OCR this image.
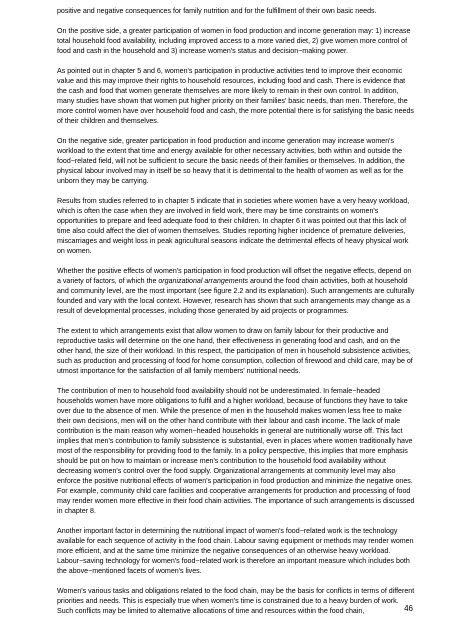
positive and negative consequences for family nutrition and for the fulfillment of their own basic needs.

On the positive side, a greater participation of women in food production and income generation may: 1) increase total household food availability, including improved access to a more varied diet, 2) give women more control of food and cash in the household and 3) increase women's status and decision−making power.

As pointed out in chapter 5 and 6, women's participation in productive activities tend to improve their economic value and this may improve their rights to household resources, including food and cash. There is evidence that the cash and food that women generate themselves are more likely to remain in their own control. In addition, many studies have shown that women put higher priority on their families' basic needs, than men. Therefore, the more control women have over household food and cash, the more potential there is for satisfying the basic needs of their children and themselves.

On the negative side, greater participation in food production and income generation may increase women's workload to the extent that time and energy available for other necessary activities, both within and outside the food−related field, will not be sufficient to secure the basic needs of their families or themselves. In addition, the physical labour involved may in itself be so heavy that it is detrimental to the health of women as well as for the unborn they may be carrying.

Results from studies referred to in chapter 5 indicate that in societies where women have a very heavy workload, which is often the case when they are involved in field work, there may be time constraints on women's opportunities to prepare and feed adequate food to their children. In chapter 6 it was pointed out that this lack of time also could affect the diet of women themselves. Studies reporting higher incidence of premature deliveries, miscarriages and weight loss in peak agricultural seasons indicate the detrimental effects of heavy physical work on women.

Whether the positive effects of women's participation in food production will offset the negative effects, depend on a variety of factors, of which the organizational arrangements around the food chain activities, both at household and community level, are the most important (see figure 2.2 and its explanation). Such arrangements are culturally founded and vary with the local context. However, research has shown that such arrangements may change as a result of developmental processes, including those generated by aid projects or programmes.

The extent to which arrangements exist that allow women to draw on family labour for their productive and reproductive tasks will determine on the one hand, their effectiveness in generating food and cash, and on the other hand, the size of their workload. In this respect, the participation of men in household subsistence activities, such as production and processing of food for home consumption, collection of firewood and child care, may be of utmost importance for the satisfaction of all family members' nutritional needs.

The contribution of men to household food availability should not be underestimated. In female−headed households women have more obligations to fulfil and a higher workload, because of functions they have to take over due to the absence of men. While the presence of men in the household makes women less free to make their own decisions, men will on the other hand contribute with their labour and cash income. The lack of male contribution is the main reason why women−headed households in general are nutritionally worse off. This fact implies that men's contribution to family subsistence is substantial, even in places where women traditionally have most of the responsibility for providing food to the family. In a policy perspective, this implies that more emphasis should be put on how to maintain or increase men's contribution to the household food availability without decreasing women's control over the food supply. Organizational arrangements at community level may also enforce the positive nutritional effects of women's participation in food production and minimize the negative ones. For example, community child care facilities and cooperative arrangements for production and processing of food may render women more effective in their food chain activities. The importance of such arrangements is discussed in chapter 8.

Another important factor in determining the nutritional impact of women's food−related work is the technology available for each sequence of activity in the food chain. Labour saving equipment or methods may render women more efficient, and at the same time minimize the negative consequences of an otherwise heavy workload. Labour−saving technology for women's food−related work is therefore an important measure which includes both the above−mentioned facets of women's lives.

Women's various tasks and obligations related to the food chain, may be the basis for conflicts in terms of different priorities and needs. This is especially true when women's time is constrained due to a heavy burden of work. Such conflicts may be limited to alternative allocations of time and resources within the food chain,	46
